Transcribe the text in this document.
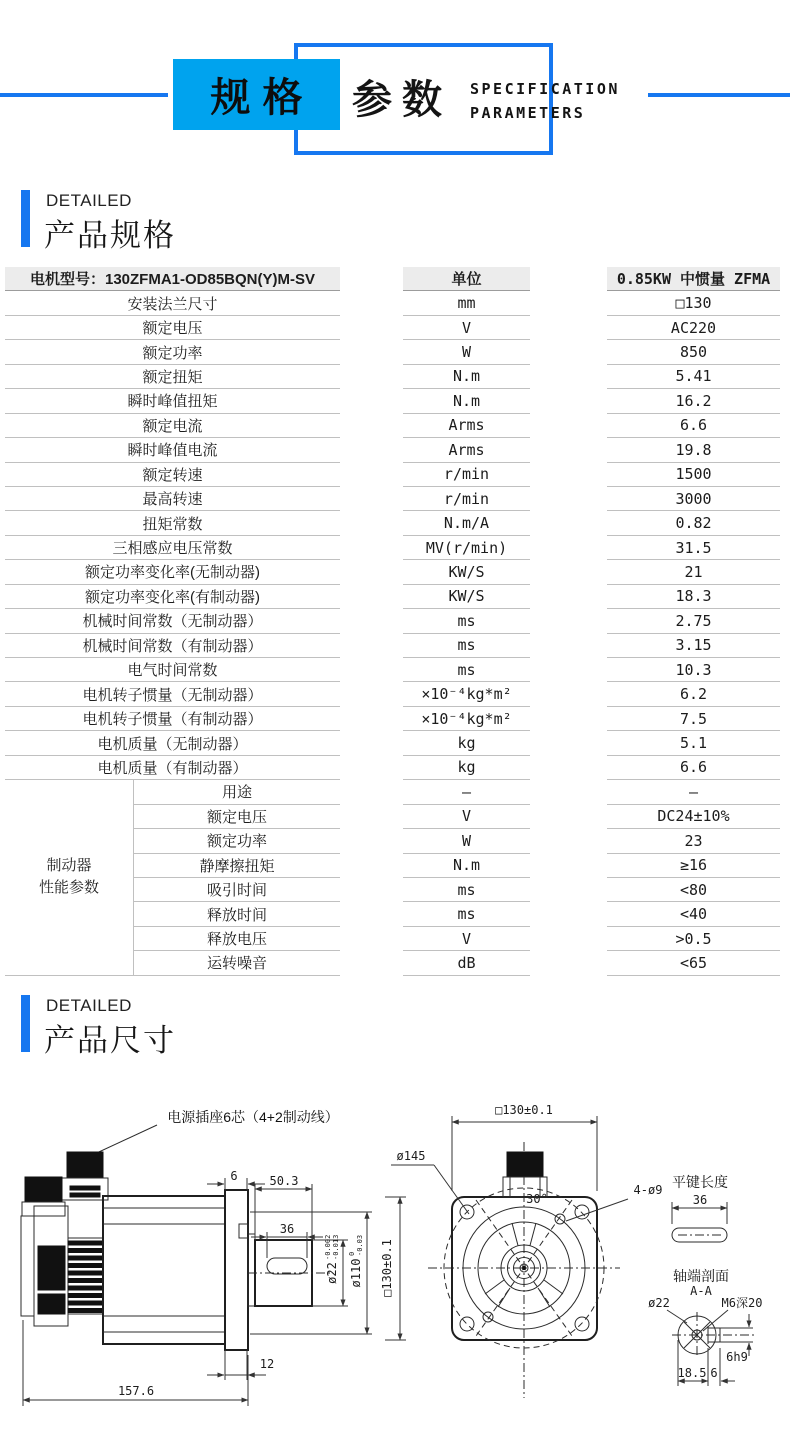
规格 参数 SPECIFICATION
PARAMETERS
DETAILED
产品规格
电机型号：130ZFMA1-OD85BQN(Y)M-SV	单位	0.85KW 中惯量 ZFMA
安装法兰尺寸	mm	□130
额定电压	V	AC220
额定功率	W	850
额定扭矩	N.m	5.41
瞬时峰值扭矩	N.m	16.2
额定电流	Arms	6.6
瞬时峰值电流	Arms	19.8
额定转速	r/min	1500
最高转速	r/min	3000
扭矩常数	N.m/A	0.82
三相感应电压常数	MV(r/min)	31.5
额定功率变化率(无制动器)	KW/S	21
额定功率变化率(有制动器)	KW/S	18.3
机械时间常数（无制动器）	ms	2.75
机械时间常数（有制动器）	ms	3.15
电气时间常数	ms	10.3
电机转子惯量（无制动器）	×10⁻⁴kg*m²	6.2
电机转子惯量（有制动器）	×10⁻⁴kg*m²	7.5
电机质量（无制动器）	kg	5.1
电机质量（有制动器）	kg	6.6
制动器
性能参数
用途	—	—
额定电压	V	DC24±10%
额定功率	W	23
静摩擦扭矩	N.m	≥16
吸引时间	ms	<80
释放时间	ms	<40
释放电压	V	>0.5
运转噪音	dB	<65
DETAILED
产品尺寸
电源插座6芯（4+2制动线）
6	50.3
36
ø22
-0.002 -0.013
ø110
0 -0.03 □130±0.1
12
157.6
30°
□130±0.1
ø145
4-ø9 平键长度
36
轴端剖面
A-A
ø22	M6深20
6h9
18.5 6
